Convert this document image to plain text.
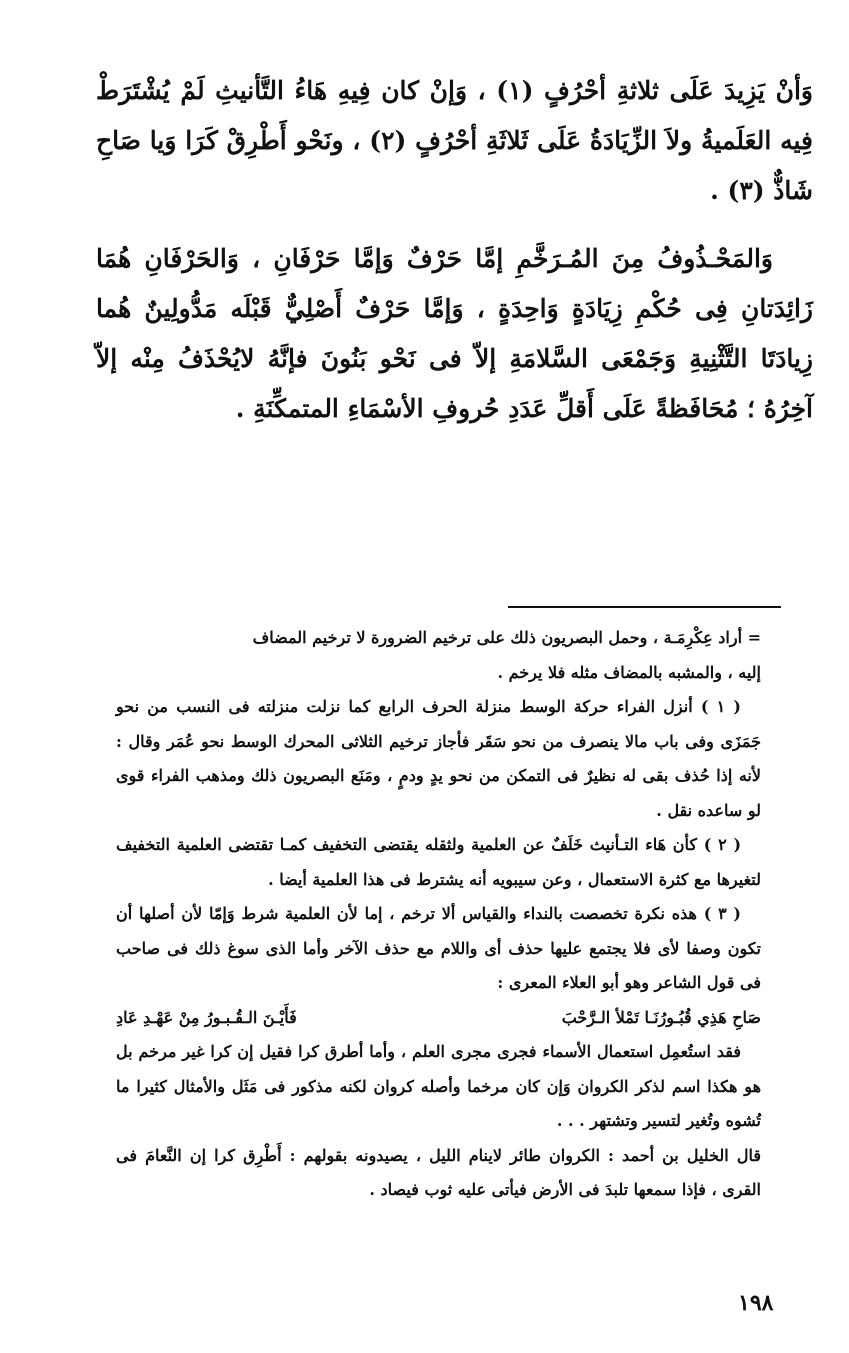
وَأنْ يَزِيدَ عَلَى ثلاثةِ أحْرُفٍ (١) ، وَإنْ كان فِيهِ هَاءُ التَّأنيثِ لَمْ يُشْتَرَطْ فِيه العَلَميةُ ولاَ الزِّيَادَةُ عَلَى ثَلاثَةِ أحْرُفٍ (٢) ، ونَحْو أَطْرِقْ كَرَا وَيا صَاحِ شَاذٌّ (٣) .

وَالمَحْـذُوفُ مِنَ المُـرَخَّمِ إمَّا حَرْفٌ وَإمَّا حَرْفَانِ ، وَالحَرْفَانِ هُمَا زَائِدَتانِ فِى حُكْمِ زِيَادَةٍ وَاحِدَةٍ ، وَإمَّا حَرْفٌ أَصْلِيٌّ قَبْلَه مَدُّولِينٌ هُما زِيادَتَا التَّثْنِيةِ وَجَمْعَى السَّلامَةِ إلاّ فى نَحْو بَنُونَ فإنَّهُ لايُحْذَفُ مِنْه إلاّ آخِرُهُ ؛ مُحَافَظةً عَلَى أَقلِّ عَدَدِ حُروفِ الأسْمَاءِ المتمكِّنَةِ .

= أراد عِكْرِمَـة ، وحمل البصريون ذلك على ترخيم الضرورة لا ترخيم المضاف

إليه ، والمشبه بالمضاف مثله فلا يرخم .

( ١ ) أنزل الفراء حركة الوسط منزلة الحرف الرابع كما نزلت منزلته فى النسب من نحو جَمَزَى وفى باب مالا ينصرف من نحو سَقَر فأجاز ترخيم الثلاثى المحرك الوسط نحو عُمَر وقال : لأنه إذا حُذف بقى له نظيرٌ فى التمكن من نحو يدٍ ودمٍ ، ومَنَع البصريون ذلك ومذهب الفراء قوى لو ساعده نقل .

( ٢ ) كأن هَاء التـأنيث خَلَفٌ عن العلمية ولثقله يقتضى التخفيف كمـا تقتضى العلمية التخفيف لتغيرها مع كثرة الاستعمال ، وعن سيبويه أنه يشترط فى هذا العلمية أيضا .

( ٣ ) هذه نكرة تخصصت بالنداء والقياس ألا ترخم ، إما لأن العلمية شرط وَإمّا لأن أصلها أن تكون وصفا لأى فلا يجتمع عليها حذف أى واللام مع حذف الآخر وأما الذى سوغ ذلك فى صاحب فى قول الشاعر وهو أبو العلاء المعرى :

صَاحِ هَذِي قُبُـورُنَـا تَمْلأ الـرَّحْبَ
فَأَيْـنَ الـقُـبـورُ مِنْ عَهْـدِ عَادِ

فقد استُعمِل استعمال الأسماء فجرى مجرى العلم ، وأما أطرق كرا فقيل إن كرا غير مرخم بل هو هكذا اسم لذكر الكروان وَإن كان مرخما وأصله كروان لكنه مذكور فى مَثَل والأمثال كثيرا ما تُشوه وتُغير لتسير وتشتهر . . .

قال الخليل بن أحمد : الكروان طائر لاينام الليل ، يصيدونه بقولهم : أَطْرِق كرا إن النَّعامَ فى القرى ، فإذا سمعها تلبدَ فى الأرض فيأتى عليه ثوب فيصاد .

١٩٨
